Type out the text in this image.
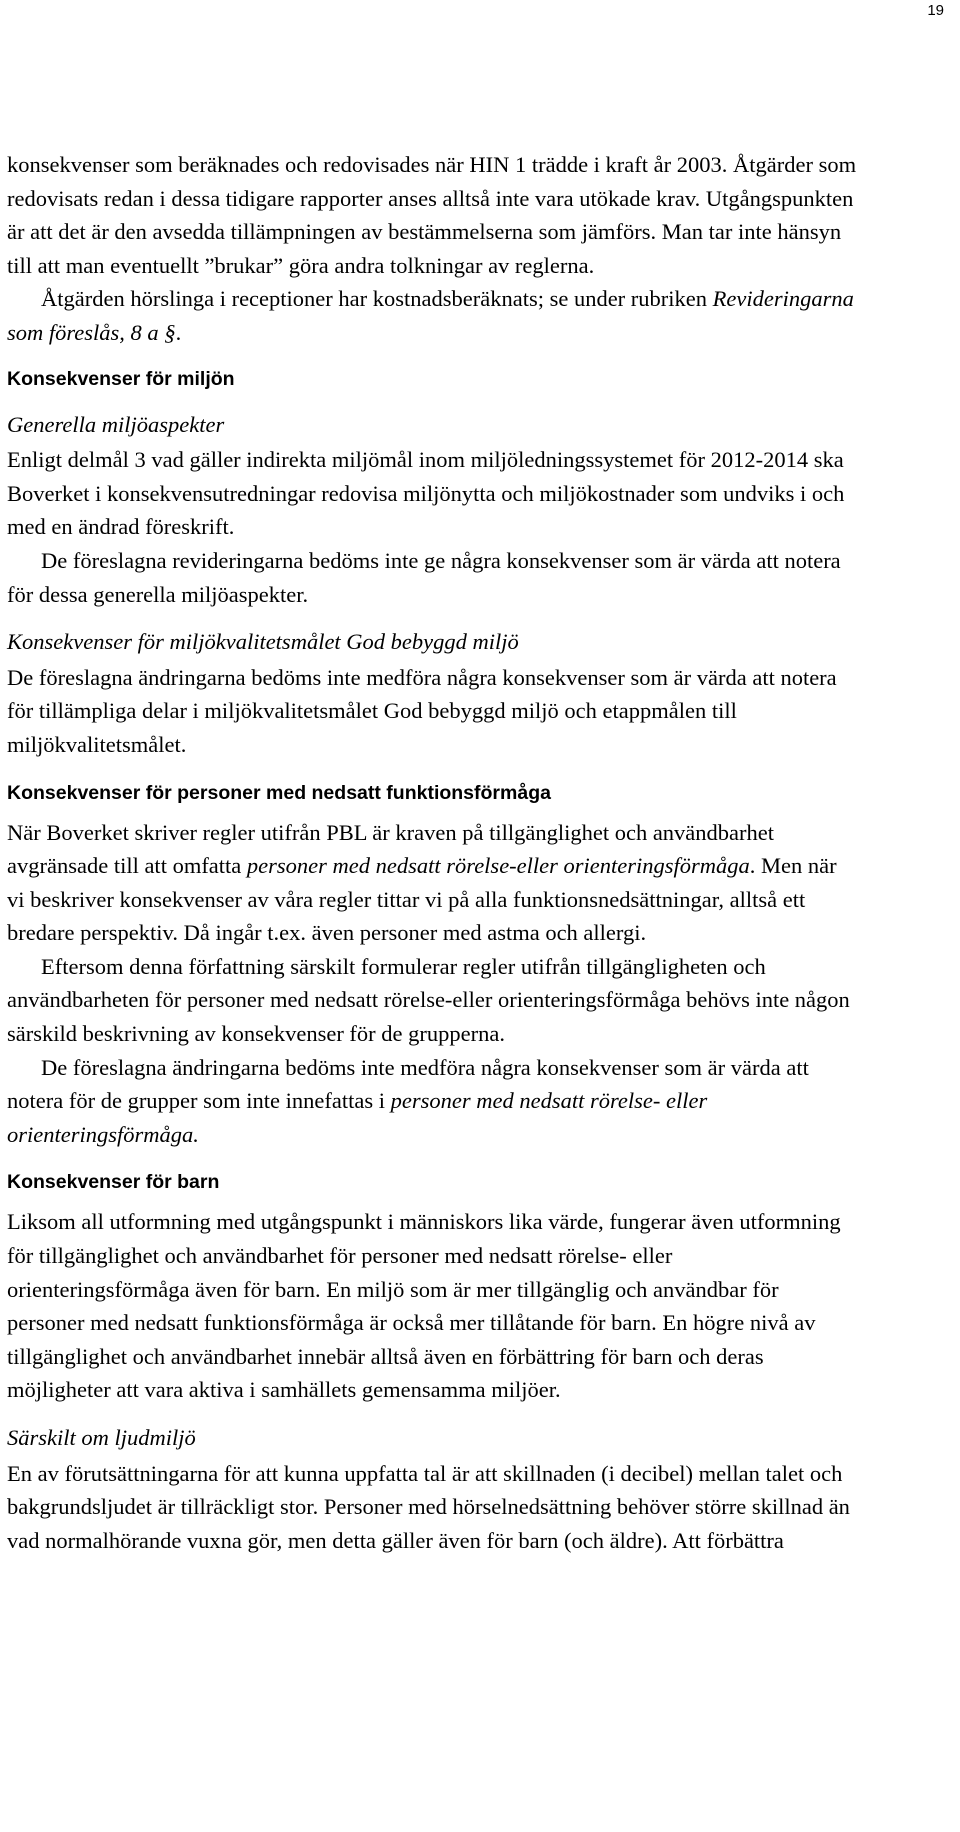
19

konsekvenser som beräknades och redovisades när HIN 1 trädde i kraft år 2003. Åtgärder som redovisats redan i dessa tidigare rapporter anses alltså inte vara utökade krav. Utgångspunkten är att det är den avsedda tillämpningen av bestämmelserna som jämförs. Man tar inte hänsyn till att man eventuellt ”brukar” göra andra tolkningar av reglerna.

Åtgärden hörslinga i receptioner har kostnadsberäknats; se under rubriken Revideringarna som föreslås, 8 a §.

Konsekvenser för miljön
Generella miljöaspekter

Enligt delmål 3 vad gäller indirekta miljömål inom miljöledningssystemet för 2012-2014 ska Boverket i konsekvensutredningar redovisa miljönytta och miljökostnader som undviks i och med en ändrad föreskrift.

De föreslagna revideringarna bedöms inte ge några konsekvenser som är värda att notera för dessa generella miljöaspekter.

Konsekvenser för miljökvalitetsmålet God bebyggd miljö

De föreslagna ändringarna bedöms inte medföra några konsekvenser som är värda att notera för tillämpliga delar i miljökvalitetsmålet God bebyggd miljö och etappmålen till miljökvalitetsmålet.

Konsekvenser för personer med nedsatt funktionsförmåga

När Boverket skriver regler utifrån PBL är kraven på tillgänglighet och användbarhet avgränsade till att omfatta personer med nedsatt rörelse-eller orienteringsförmåga. Men när vi beskriver konsekvenser av våra regler tittar vi på alla funktionsnedsättningar, alltså ett bredare perspektiv. Då ingår t.ex. även personer med astma och allergi.

Eftersom denna författning särskilt formulerar regler utifrån tillgängligheten och användbarheten för personer med nedsatt rörelse-eller orienteringsförmåga behövs inte någon särskild beskrivning av konsekvenser för de grupperna.

De föreslagna ändringarna bedöms inte medföra några konsekvenser som är värda att notera för de grupper som inte innefattas i personer med nedsatt rörelse- eller orienteringsförmåga.

Konsekvenser för barn

Liksom all utformning med utgångspunkt i människors lika värde, fungerar även utformning för tillgänglighet och användbarhet för personer med nedsatt rörelse- eller orienteringsförmåga även för barn. En miljö som är mer tillgänglig och användbar för personer med nedsatt funktionsförmåga är också mer tillåtande för barn. En högre nivå av tillgänglighet och användbarhet innebär alltså även en förbättring för barn och deras möjligheter att vara aktiva i samhällets gemensamma miljöer.

Särskilt om ljudmiljö

En av förutsättningarna för att kunna uppfatta tal är att skillnaden (i decibel) mellan talet och bakgrundsljudet är tillräckligt stor. Personer med hörselnedsättning behöver större skillnad än vad normalhörande vuxna gör, men detta gäller även för barn (och äldre). Att förbättra
